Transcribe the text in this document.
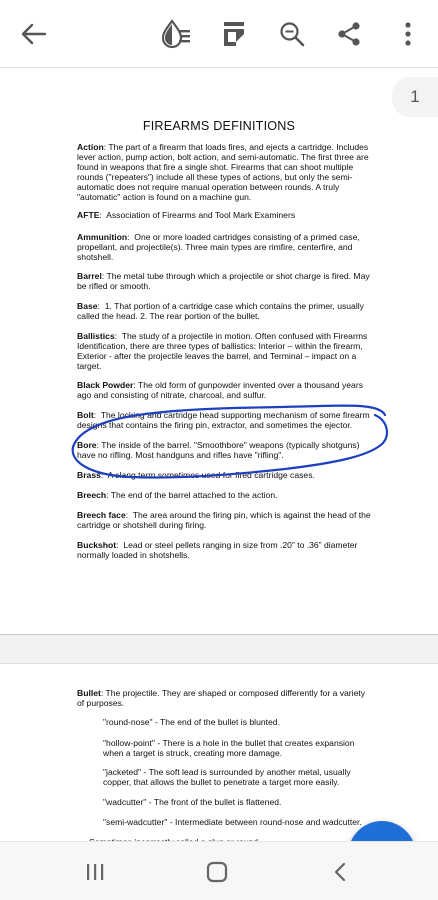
1
FIREARMS DEFINITIONS
Action: The part of a firearm that loads fires, and ejects a cartridge. Includes
lever action, pump action, bolt action, and semi-automatic. The first three are
found in weapons that fire a single shot. Firearms that can shoot multiple
rounds ("repeaters") include all these types of actions, but only the semi-
automatic does not require manual operation between rounds. A truly
"automatic" action is found on a machine gun.
AFTE:  Association of Firearms and Tool Mark Examiners
Ammunition:  One or more loaded cartridges consisting of a primed case,
propellant, and projectile(s). Three main types are rimfire, centerfire, and
shotshell.
Barrel: The metal tube through which a projectile or shot charge is fired. May
be rifled or smooth.
Base:  1. That portion of a cartridge case which contains the primer, usually
called the head. 2. The rear portion of the bullet.
Ballistics:  The study of a projectile in motion. Often confused with Firearms
Identification, there are three types of ballistics: Interior – within the firearm,
Exterior - after the projectile leaves the barrel, and Terminal – impact on a
target.
Black Powder: The old form of gunpowder invented over a thousand years
ago and consisting of nitrate, charcoal, and sulfur.
Bolt:  The locking and cartridge head supporting mechanism of some firearm
designs that contains the firing pin, extractor, and sometimes the ejector.
Bore: The inside of the barrel. "Smoothbore" weapons (typically shotguns)
have no rifling. Most handguns and rifles have "rifling".
Brass:  A slang term sometimes used for fired cartridge cases.
Breech: The end of the barrel attached to the action.
Breech face:  The area around the firing pin, which is against the head of the
cartridge or shotshell during firing.
Buckshot:  Lead or steel pellets ranging in size from .20” to .36” diameter
normally loaded in shotshells.
Bullet: The projectile. They are shaped or composed differently for a variety
of purposes.
"round-nose" - The end of the bullet is blunted.
"hollow-point" - There is a hole in the bullet that creates expansion
when a target is struck, creating more damage.
"jacketed" - The soft lead is surrounded by another metal, usually
copper, that allows the bullet to penetrate a target more easily.
"wadcutter" - The front of the bullet is flattened.
"semi-wadcutter" - Intermediate between round-nose and wadcutter.
